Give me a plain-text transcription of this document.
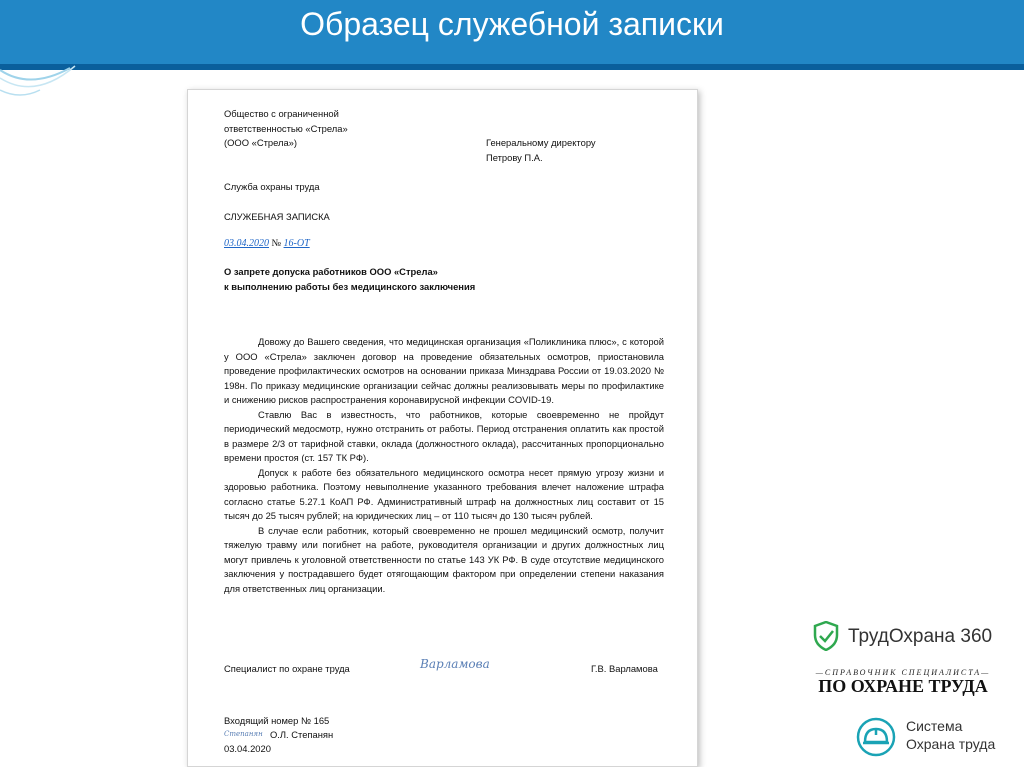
Образец служебной записки
Общество с ограниченной
ответственностью «Стрела»
(ООО «Стрела»)	Генеральному директору
Петрову П.А.
Служба охраны труда
СЛУЖЕБНАЯ ЗАПИСКА
03.04.2020 № 16-ОТ
О запрете допуска работников ООО «Стрела»
к выполнению работы без медицинского заключения

Довожу до Вашего сведения, что медицинская организация «Поликлиника плюс», с которой у ООО «Стрела» заключен договор на проведение обязательных осмотров, приостановила проведение профилактических осмотров на основании приказа Минздрава России от 19.03.2020 № 198н. По приказу медицинские организации сейчас должны реализовывать меры по профилактике и снижению рисков распространения коронавирусной инфекции COVID-19.

Ставлю Вас в известность, что работников, которые своевременно не пройдут периодический медосмотр, нужно отстранить от работы. Период отстранения оплатить как простой в размере 2/3 от тарифной ставки, оклада (должностного оклада), рассчитанных пропорционально времени простоя (ст. 157 ТК РФ).

Допуск к работе без обязательного медицинского осмотра несет прямую угрозу жизни и здоровью работника. Поэтому невыполнение указанного требования влечет наложение штрафа согласно статье 5.27.1 КоАП РФ. Административный штраф на должностных лиц составит от 15 тысяч до 25 тысяч рублей; на юридических лиц – от 110 тысяч до 130 тысяч рублей.

В случае если работник, который своевременно не прошел медицинский осмотр, получит тяжелую травму или погибнет на работе, руководителя организации и других должностных лиц могут привлечь к уголовной ответственности по статье 143 УК РФ. В суде отсутствие медицинского заключения у пострадавшего будет отягощающим фактором при определении степени наказания для ответственных лиц организации.

Специалист по охране труда	Варламова	Г.В. Варламова
Входящий номер № 165
Степанян О.Л. Степанян
03.04.2020
ТрудОхрана 360
—СПРАВОЧНИК СПЕЦИАЛИСТА—
ПО ОХРАНЕ ТРУДА
Система
Охрана труда
